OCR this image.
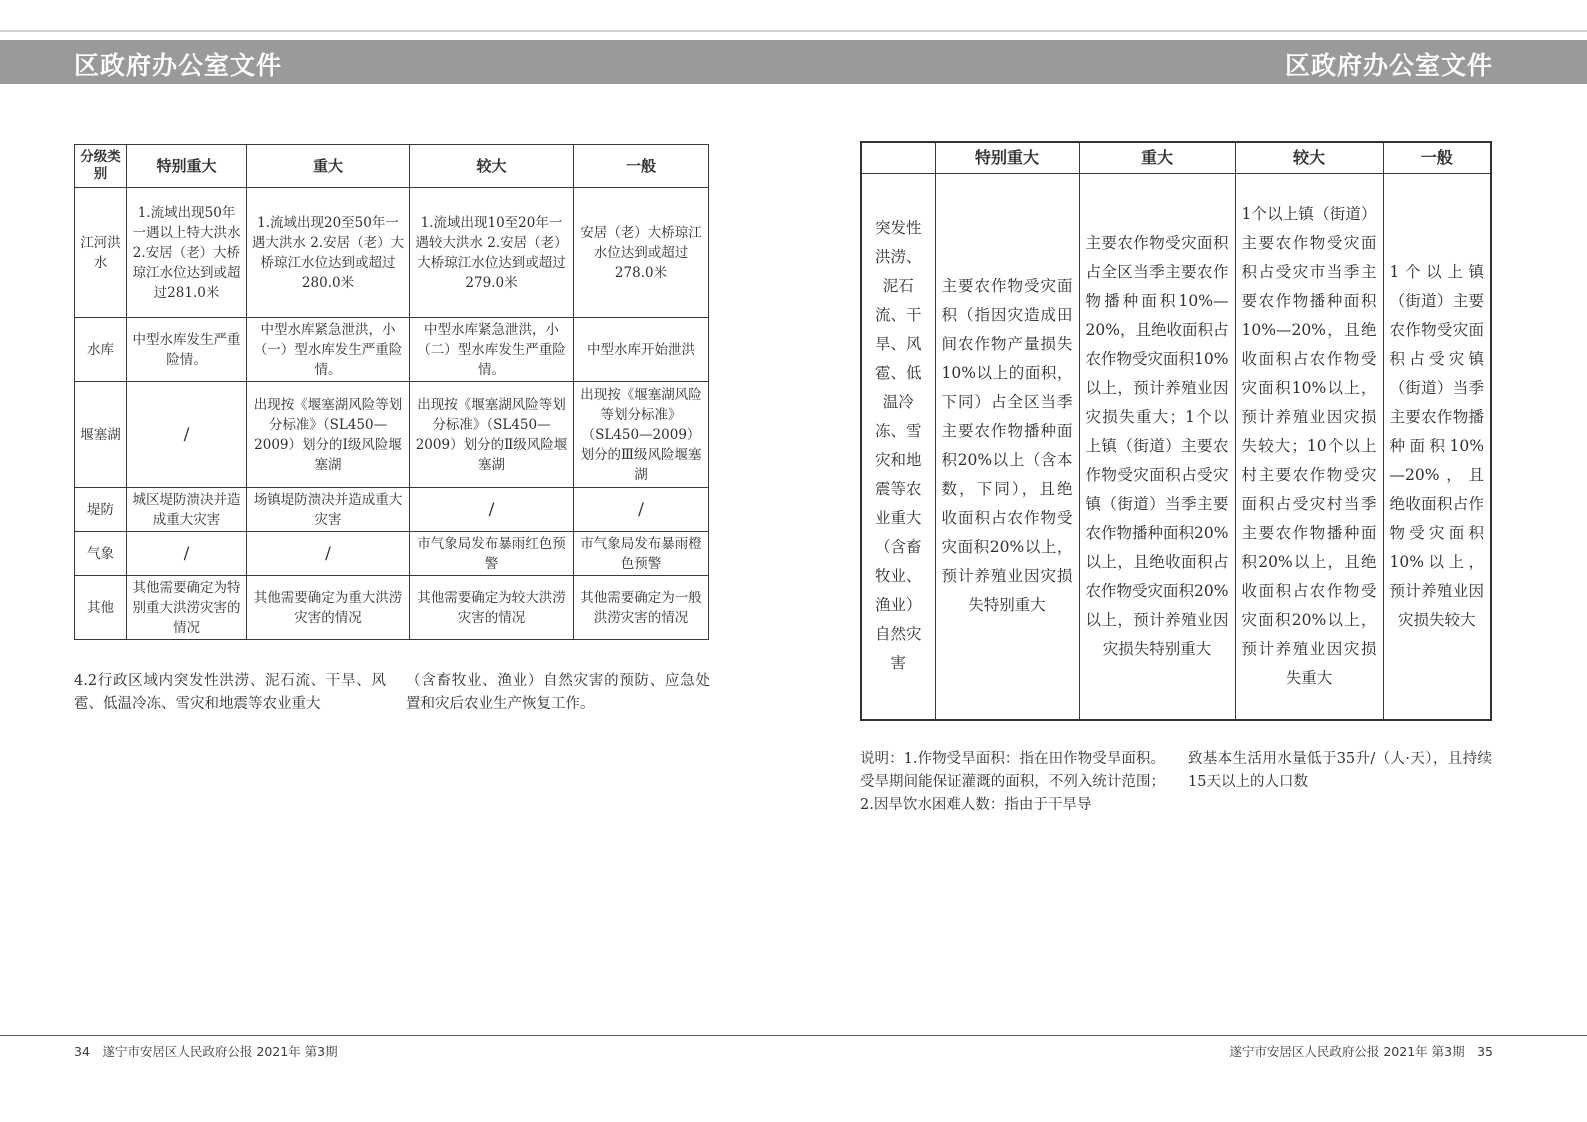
区政府办公室文件	区政府办公室文件
分级类别	特别重大	重大	较大	一般
江河洪水	1.流域出现50年一遇以上特大洪水 2.安居（老）大桥琼江水位达到或超过281.0米	1.流域出现20至50年一遇大洪水 2.安居（老）大桥琼江水位达到或超过280.0米	1.流域出现10至20年一遇较大洪水 2.安居（老）大桥琼江水位达到或超过279.0米	安居（老）大桥琼江水位达到或超过278.0米
水库	中型水库发生严重险情。	中型水库紧急泄洪，小（一）型水库发生严重险情。	中型水库紧急泄洪，小（二）型水库发生严重险情。	中型水库开始泄洪
堰塞湖	/	出现按《堰塞湖风险等划分标准》（SL450—2009）划分的Ⅰ级风险堰塞湖	出现按《堰塞湖风险等划分标准》（SL450—2009）划分的Ⅱ级风险堰塞湖	出现按《堰塞湖风险等划分标准》（SL450—2009）划分的Ⅲ级风险堰塞湖
堤防	城区堤防溃决并造成重大灾害	场镇堤防溃决并造成重大灾害	/	/
气象	/	/	市气象局发布暴雨红色预警	市气象局发布暴雨橙色预警
其他	其他需要确定为特别重大洪涝灾害的情况	其他需要确定为重大洪涝灾害的情况	其他需要确定为较大洪涝灾害的情况	其他需要确定为一般洪涝灾害的情况
4.2行政区域内突发性洪涝、泥石流、干旱、风雹、低温冷冻、雪灾和地震等农业重大
（含畜牧业、渔业）自然灾害的预防、应急处置和灾后农业生产恢复工作。
	特别重大	重大	较大	一般
突发性洪涝、泥石流、干旱、风雹、低温冷冻、雪灾和地震等农业重大（含畜牧业、渔业）自然灾害	主要农作物受灾面积（指因灾造成田间农作物产量损失10%以上的面积，下同）占全区当季主要农作物播种面积20%以上（含本数，下同），且绝收面积占农作物受灾面积20%以上，预计养殖业因灾损失特别重大	主要农作物受灾面积占全区当季主要农作物播种面积10%—20%，且绝收面积占农作物受灾面积10%以上，预计养殖业因灾损失重大；1个以上镇（街道）主要农作物受灾面积占受灾镇（街道）当季主要农作物播种面积20%以上，且绝收面积占农作物受灾面积20%以上，预计养殖业因灾损失特别重大	1个以上镇（街道）主要农作物受灾面积占受灾市当季主要农作物播种面积10%—20%，且绝收面积占农作物受灾面积10%以上，预计养殖业因灾损失较大；10个以上村主要农作物受灾面积占受灾村当季主要农作物播种面积20%以上，且绝收面积占农作物受灾面积20%以上，预计养殖业因灾损失重大	1个以上镇（街道）主要农作物受灾面积占受灾镇（街道）当季主要农作物播种面积10%—20%，且绝收面积占作物受灾面积10%以上，预计养殖业因灾损失较大
说明：1.作物受旱面积：指在田作物受旱面积。受旱期间能保证灌溉的面积，不列入统计范围；2.因旱饮水困难人数：指由于干旱导
致基本生活用水量低于35升/（人·天），且持续15天以上的人口数
34　遂宁市安居区人民政府公报 2021年 第3期	遂宁市安居区人民政府公报 2021年 第3期　35
